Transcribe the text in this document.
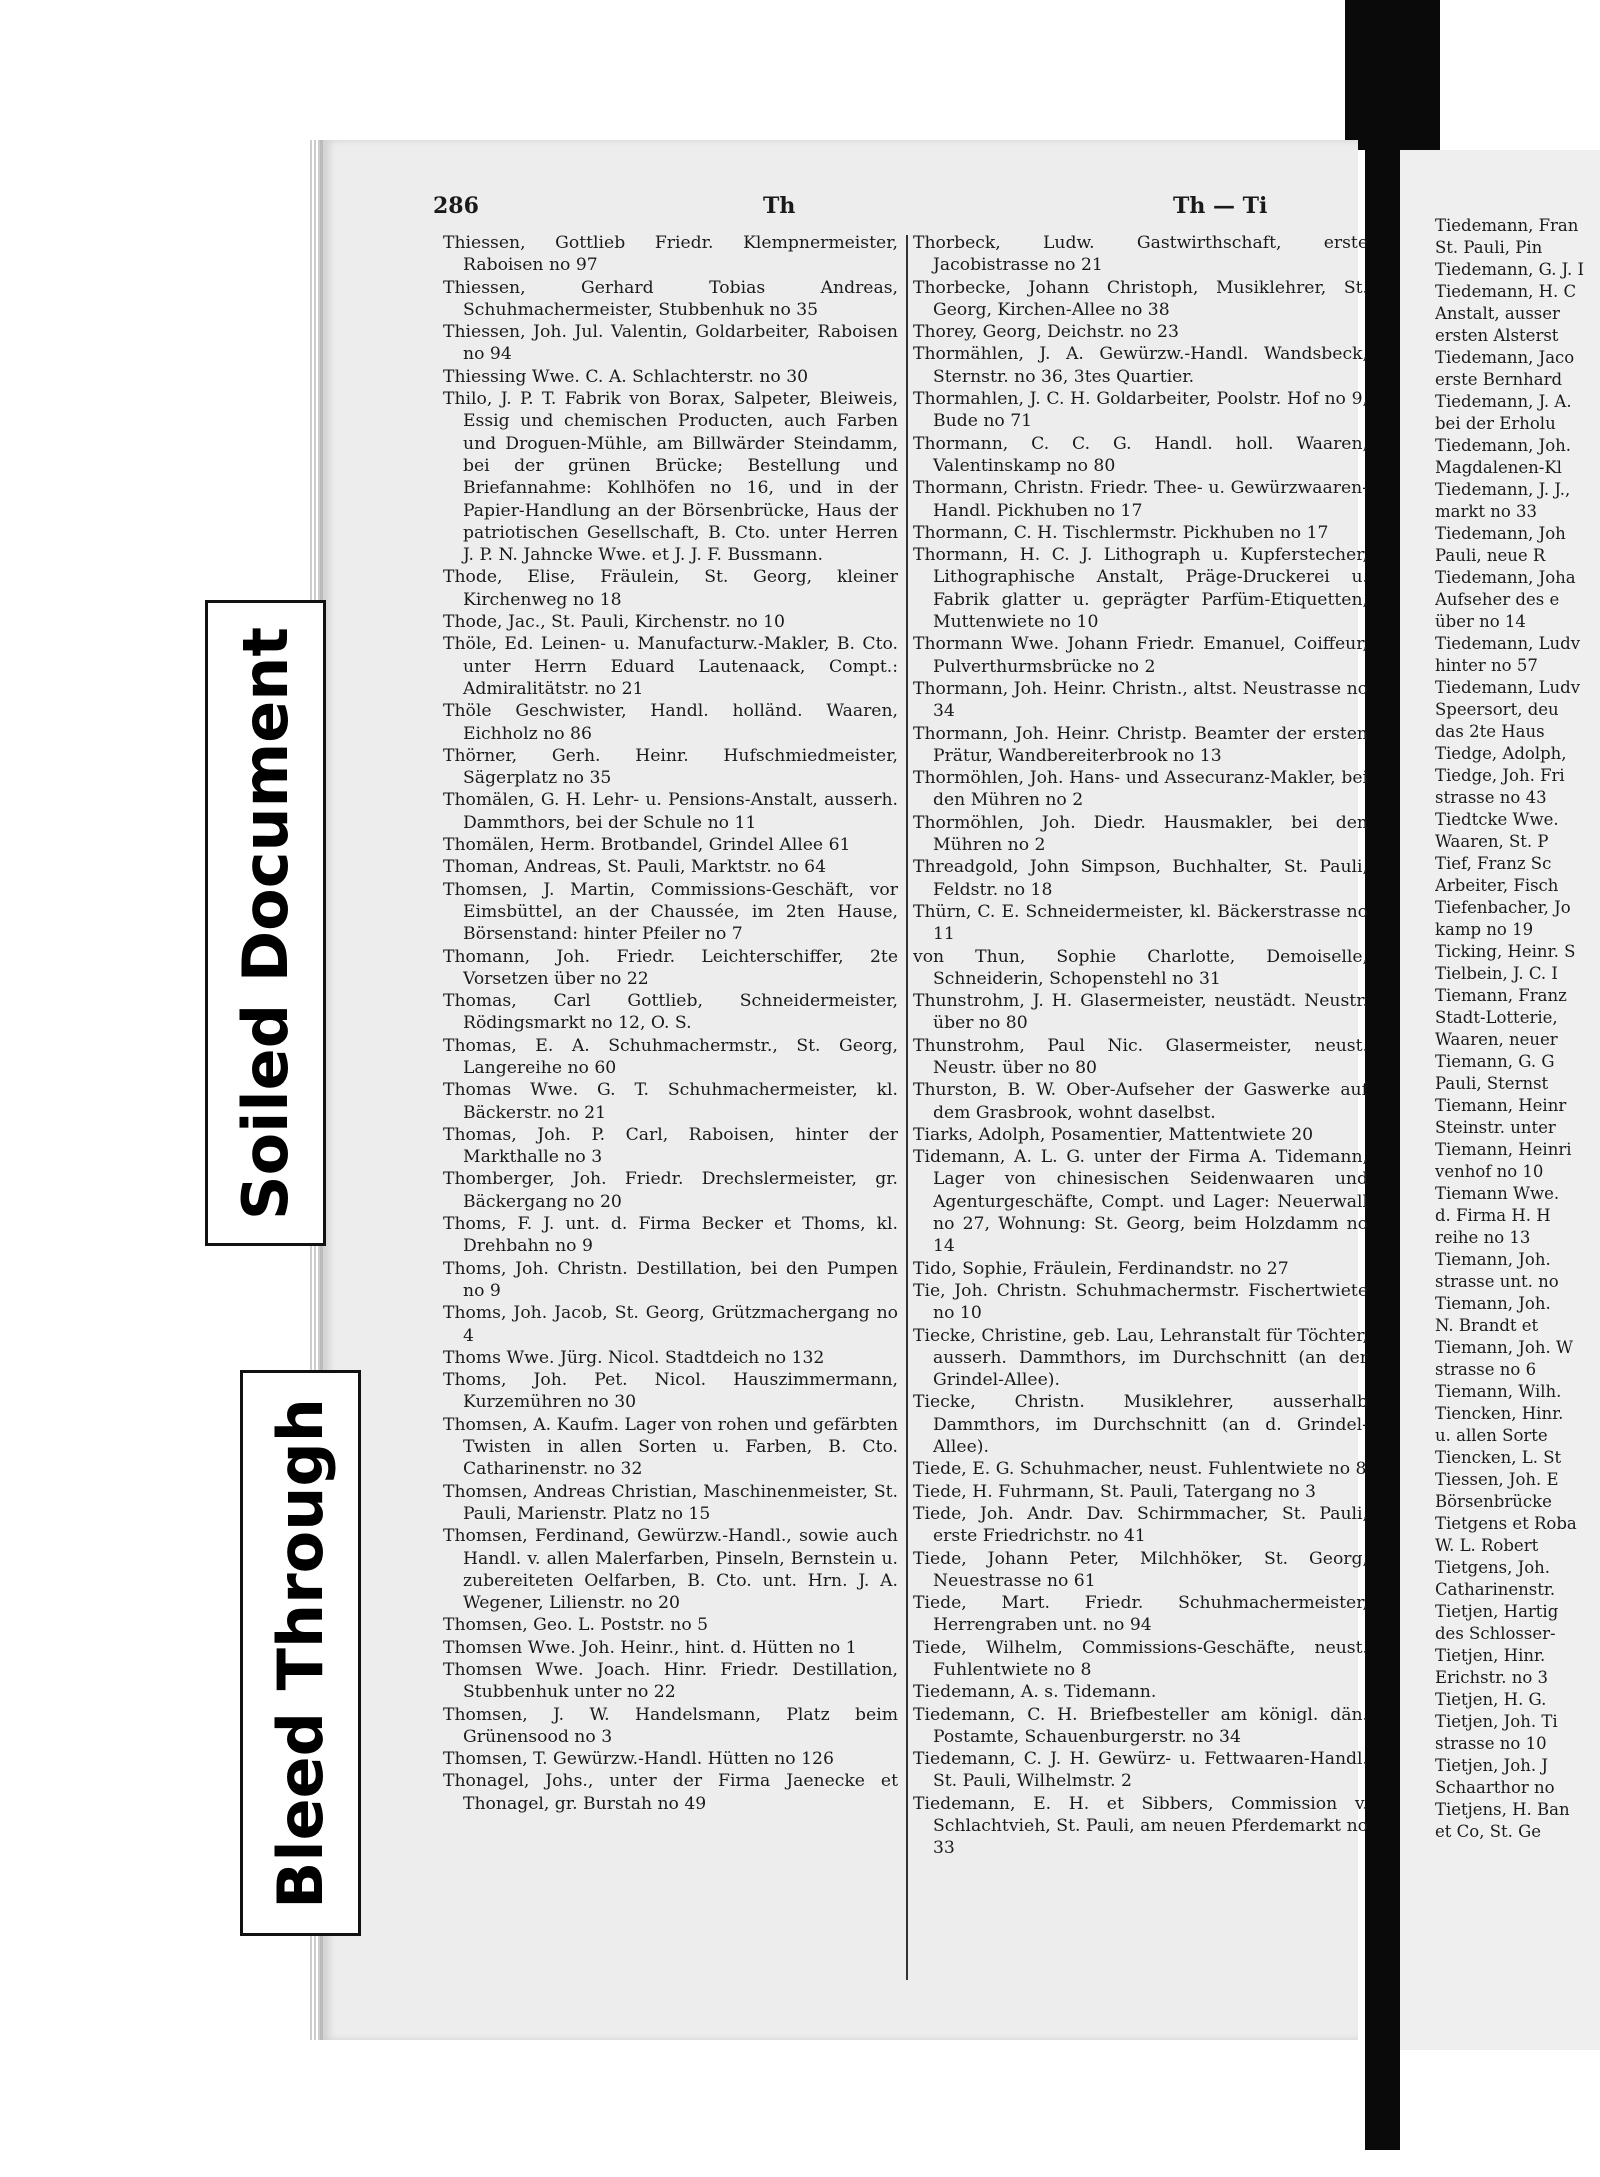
286	Th	Th — Ti

Thiessen, Gottlieb Friedr. Klempnermeister, Raboisen no 97

Thiessen, Gerhard Tobias Andreas, Schuhmachermeister, Stubbenhuk no 35

Thiessen, Joh. Jul. Valentin, Goldarbeiter, Raboisen no 94

Thiessing Wwe. C. A. Schlachterstr. no 30

Thilo, J. P. T. Fabrik von Borax, Salpeter, Bleiweis, Essig und chemischen Producten, auch Farben und Droguen-Mühle, am Billwärder Steindamm, bei der grünen Brücke; Bestellung und Briefannahme: Kohlhöfen no 16, und in der Papier-Handlung an der Börsenbrücke, Haus der patriotischen Gesellschaft, B. Cto. unter Herren J. P. N. Jahncke Wwe. et J. J. F. Bussmann.

Thode, Elise, Fräulein, St. Georg, kleiner Kirchenweg no 18

Thode, Jac., St. Pauli, Kirchenstr. no 10

Thöle, Ed. Leinen- u. Manufacturw.-Makler, B. Cto. unter Herrn Eduard Lautenaack, Compt.: Admiralitätstr. no 21

Thöle Geschwister, Handl. holländ. Waaren, Eichholz no 86

Thörner, Gerh. Heinr. Hufschmiedmeister, Sägerplatz no 35

Thomälen, G. H. Lehr- u. Pensions-Anstalt, ausserh. Dammthors, bei der Schule no 11

Thomälen, Herm. Brotbandel, Grindel Allee 61

Thoman, Andreas, St. Pauli, Marktstr. no 64

Thomsen, J. Martin, Commissions-Geschäft, vor Eimsbüttel, an der Chaussée, im 2ten Hause, Börsenstand: hinter Pfeiler no 7

Thomann, Joh. Friedr. Leichterschiffer, 2te Vorsetzen über no 22

Thomas, Carl Gottlieb, Schneidermeister, Rödingsmarkt no 12, O. S.

Thomas, E. A. Schuhmachermstr., St. Georg, Langereihe no 60

Thomas Wwe. G. T. Schuhmachermeister, kl. Bäckerstr. no 21

Thomas, Joh. P. Carl, Raboisen, hinter der Markthalle no 3

Thomberger, Joh. Friedr. Drechslermeister, gr. Bäckergang no 20

Thoms, F. J. unt. d. Firma Becker et Thoms, kl. Drehbahn no 9

Thoms, Joh. Christn. Destillation, bei den Pumpen no 9

Thoms, Joh. Jacob, St. Georg, Grützmachergang no 4

Thoms Wwe. Jürg. Nicol. Stadtdeich no 132

Thoms, Joh. Pet. Nicol. Hauszimmermann, Kurzemühren no 30

Thomsen, A. Kaufm. Lager von rohen und gefärbten Twisten in allen Sorten u. Farben, B. Cto. Catharinenstr. no 32

Thomsen, Andreas Christian, Maschinenmeister, St. Pauli, Marienstr. Platz no 15

Thomsen, Ferdinand, Gewürzw.-Handl., sowie auch Handl. v. allen Malerfarben, Pinseln, Bernstein u. zubereiteten Oelfarben, B. Cto. unt. Hrn. J. A. Wegener, Lilienstr. no 20

Thomsen, Geo. L. Poststr. no 5

Thomsen Wwe. Joh. Heinr., hint. d. Hütten no 1

Thomsen Wwe. Joach. Hinr. Friedr. Destillation, Stubbenhuk unter no 22

Thomsen, J. W. Handelsmann, Platz beim Grünensood no 3

Thomsen, T. Gewürzw.-Handl. Hütten no 126

Thonagel, Johs., unter der Firma Jaenecke et Thonagel, gr. Burstah no 49

Thorbeck, Ludw. Gastwirthschaft, erste Jacobistrasse no 21

Thorbecke, Johann Christoph, Musiklehrer, St. Georg, Kirchen-Allee no 38

Thorey, Georg, Deichstr. no 23

Thormählen, J. A. Gewürzw.-Handl. Wandsbeck, Sternstr. no 36, 3tes Quartier.

Thormahlen, J. C. H. Goldarbeiter, Poolstr. Hof no 9, Bude no 71

Thormann, C. C. G. Handl. holl. Waaren, Valentinskamp no 80

Thormann, Christn. Friedr. Thee- u. Gewürzwaaren-Handl. Pickhuben no 17

Thormann, C. H. Tischlermstr. Pickhuben no 17

Thormann, H. C. J. Lithograph u. Kupferstecher, Lithographische Anstalt, Präge-Druckerei u. Fabrik glatter u. geprägter Parfüm-Etiquetten, Muttenwiete no 10

Thormann Wwe. Johann Friedr. Emanuel, Coiffeur, Pulverthurmsbrücke no 2

Thormann, Joh. Heinr. Christn., altst. Neustrasse no 34

Thormann, Joh. Heinr. Christp. Beamter der ersten Prätur, Wandbereiterbrook no 13

Thormöhlen, Joh. Hans- und Assecuranz-Makler, bei den Mühren no 2

Thormöhlen, Joh. Diedr. Hausmakler, bei den Mühren no 2

Threadgold, John Simpson, Buchhalter, St. Pauli, Feldstr. no 18

Thürn, C. E. Schneidermeister, kl. Bäckerstrasse no 11

von Thun, Sophie Charlotte, Demoiselle, Schneiderin, Schopenstehl no 31

Thunstrohm, J. H. Glasermeister, neustädt. Neustr. über no 80

Thunstrohm, Paul Nic. Glasermeister, neust. Neustr. über no 80

Thurston, B. W. Ober-Aufseher der Gaswerke auf dem Grasbrook, wohnt daselbst.

Tiarks, Adolph, Posamentier, Mattentwiete 20

Tidemann, A. L. G. unter der Firma A. Tidemann, Lager von chinesischen Seidenwaaren und Agenturgeschäfte, Compt. und Lager: Neuerwall no 27, Wohnung: St. Georg, beim Holzdamm no 14

Tido, Sophie, Fräulein, Ferdinandstr. no 27

Tie, Joh. Christn. Schuhmachermstr. Fischertwiete no 10

Tiecke, Christine, geb. Lau, Lehranstalt für Töchter, ausserh. Dammthors, im Durchschnitt (an der Grindel-Allee).

Tiecke, Christn. Musiklehrer, ausserhalb Dammthors, im Durchschnitt (an d. Grindel-Allee).

Tiede, E. G. Schuhmacher, neust. Fuhlentwiete no 8

Tiede, H. Fuhrmann, St. Pauli, Tatergang no 3

Tiede, Joh. Andr. Dav. Schirmmacher, St. Pauli, erste Friedrichstr. no 41

Tiede, Johann Peter, Milchhöker, St. Georg, Neuestrasse no 61

Tiede, Mart. Friedr. Schuhmachermeister, Herrengraben unt. no 94

Tiede, Wilhelm, Commissions-Geschäfte, neust. Fuhlentwiete no 8

Tiedemann, A. s. Tidemann.

Tiedemann, C. H. Briefbesteller am königl. dän. Postamte, Schauenburgerstr. no 34

Tiedemann, C. J. H. Gewürz- u. Fettwaaren-Handl. St. Pauli, Wilhelmstr. 2

Tiedemann, E. H. et Sibbers, Commission v. Schlachtvieh, St. Pauli, am neuen Pferdemarkt no 33

Tiedemann, Fran

St. Pauli, Pin

Tiedemann, G. J. I

Tiedemann, H. C

Anstalt, ausser

ersten Alsterst

Tiedemann, Jaco

erste Bernhard

Tiedemann, J. A.

bei der Erholu

Tiedemann, Joh.

Magdalenen-Kl

Tiedemann, J. J.,

markt no 33

Tiedemann, Joh

Pauli, neue R

Tiedemann, Joha

Aufseher des e

über no 14

Tiedemann, Ludv

hinter no 57

Tiedemann, Ludv

Speersort, deu

das 2te Haus

Tiedge, Adolph,

Tiedge, Joh. Fri

strasse no 43

Tiedtcke Wwe.

Waaren, St. P

Tief, Franz Sc

Arbeiter, Fisch

Tiefenbacher, Jo

kamp no 19

Ticking, Heinr. S

Tielbein, J. C. I

Tiemann, Franz

Stadt-Lotterie,

Waaren, neuer

Tiemann, G. G

Pauli, Sternst

Tiemann, Heinr

Steinstr. unter

Tiemann, Heinri

venhof no 10

Tiemann Wwe.

d. Firma H. H

reihe no 13

Tiemann, Joh.

strasse unt. no

Tiemann, Joh.

N. Brandt et

Tiemann, Joh. W

strasse no 6

Tiemann, Wilh.

Tiencken, Hinr.

u. allen Sorte

Tiencken, L. St

Tiessen, Joh. E

Börsenbrücke

Tietgens et Roba

W. L. Robert

Tietgens, Joh.

Catharinenstr.

Tietjen, Hartig

des Schlosser-

Tietjen, Hinr.

Erichstr. no 3

Tietjen, H. G.

Tietjen, Joh. Ti

strasse no 10

Tietjen, Joh. J

Schaarthor no

Tietjens, H. Ban

et Co, St. Ge

Soiled Document
Bleed Through
